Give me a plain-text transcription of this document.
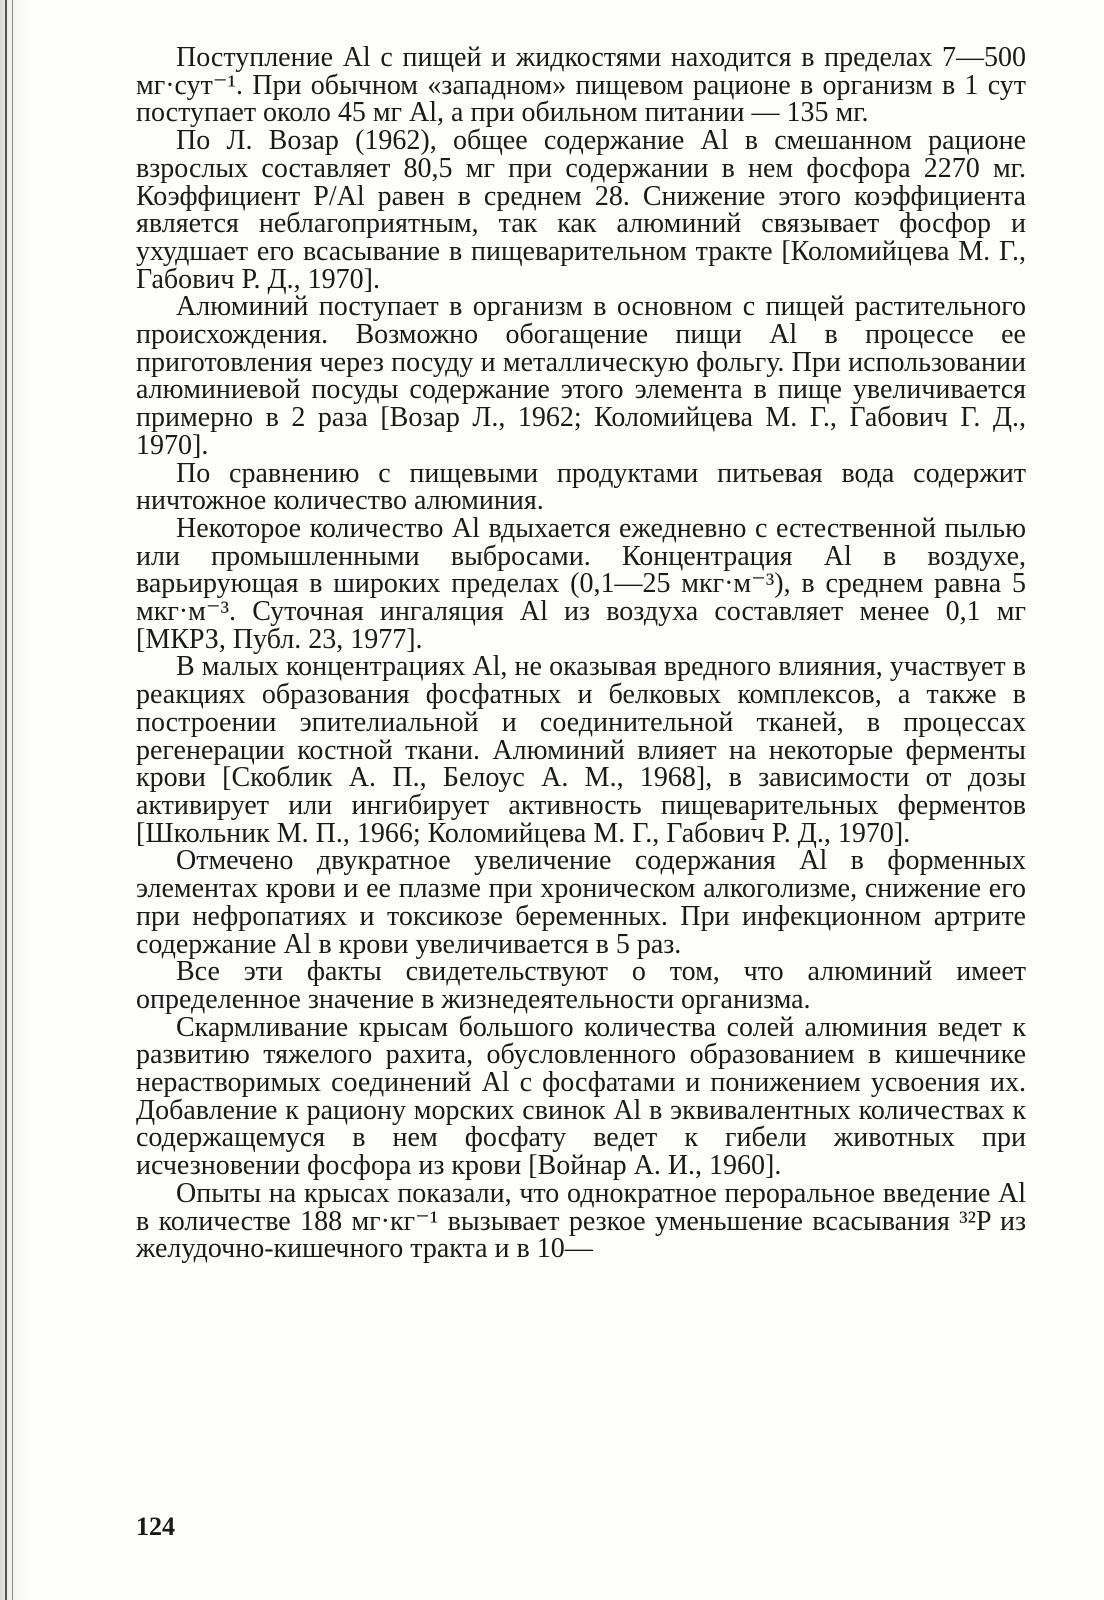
Поступление Al с пищей и жидкостями находится в пределах 7—500 мг·сут⁻¹. При обычном «западном» пищевом рационе в организм в 1 сут поступает около 45 мг Al, а при обильном питании — 135 мг.

По Л. Возар (1962), общее содержание Al в смешанном рационе взрослых составляет 80,5 мг при содержании в нем фосфора 2270 мг. Коэффициент P/Al равен в среднем 28. Снижение этого коэффициента является неблагоприятным, так как алюминий связывает фосфор и ухудшает его всасывание в пищеварительном тракте [Коломийцева М. Г., Габович Р. Д., 1970].

Алюминий поступает в организм в основном с пищей растительного происхождения. Возможно обогащение пищи Al в процессе ее приготовления через посуду и металлическую фольгу. При использовании алюминиевой посуды содержание этого элемента в пище увеличивается примерно в 2 раза [Возар Л., 1962; Коломийцева М. Г., Габович Г. Д., 1970].

По сравнению с пищевыми продуктами питьевая вода содержит ничтожное количество алюминия.

Некоторое количество Al вдыхается ежедневно с естественной пылью или промышленными выбросами. Концентрация Al в воздухе, варьирующая в широких пределах (0,1—25 мкг·м⁻³), в среднем равна 5 мкг·м⁻³. Суточная ингаляция Al из воздуха составляет менее 0,1 мг [МКРЗ, Публ. 23, 1977].

В малых концентрациях Al, не оказывая вредного влияния, участвует в реакциях образования фосфатных и белковых комплексов, а также в построении эпителиальной и соединительной тканей, в процессах регенерации костной ткани. Алюминий влияет на некоторые ферменты крови [Скоблик А. П., Белоус А. М., 1968], в зависимости от дозы активирует или ингибирует активность пищеварительных ферментов [Школьник М. П., 1966; Коломийцева М. Г., Габович Р. Д., 1970].

Отмечено двукратное увеличение содержания Al в форменных элементах крови и ее плазме при хроническом алкоголизме, снижение его при нефропатиях и токсикозе беременных. При инфекционном артрите содержание Al в крови увеличивается в 5 раз.

Все эти факты свидетельствуют о том, что алюминий имеет определенное значение в жизнедеятельности организма.

Скармливание крысам большого количества солей алюминия ведет к развитию тяжелого рахита, обусловленного образованием в кишечнике нерастворимых соединений Al с фосфатами и понижением усвоения их. Добавление к рациону морских свинок Al в эквивалентных количествах к содержащемуся в нем фосфату ведет к гибели животных при исчезновении фосфора из крови [Войнар А. И., 1960].

Опыты на крысах показали, что однократное пероральное введение Al в количестве 188 мг·кг⁻¹ вызывает резкое уменьшение всасывания ³²P из желудочно-кишечного тракта и в 10—

124
